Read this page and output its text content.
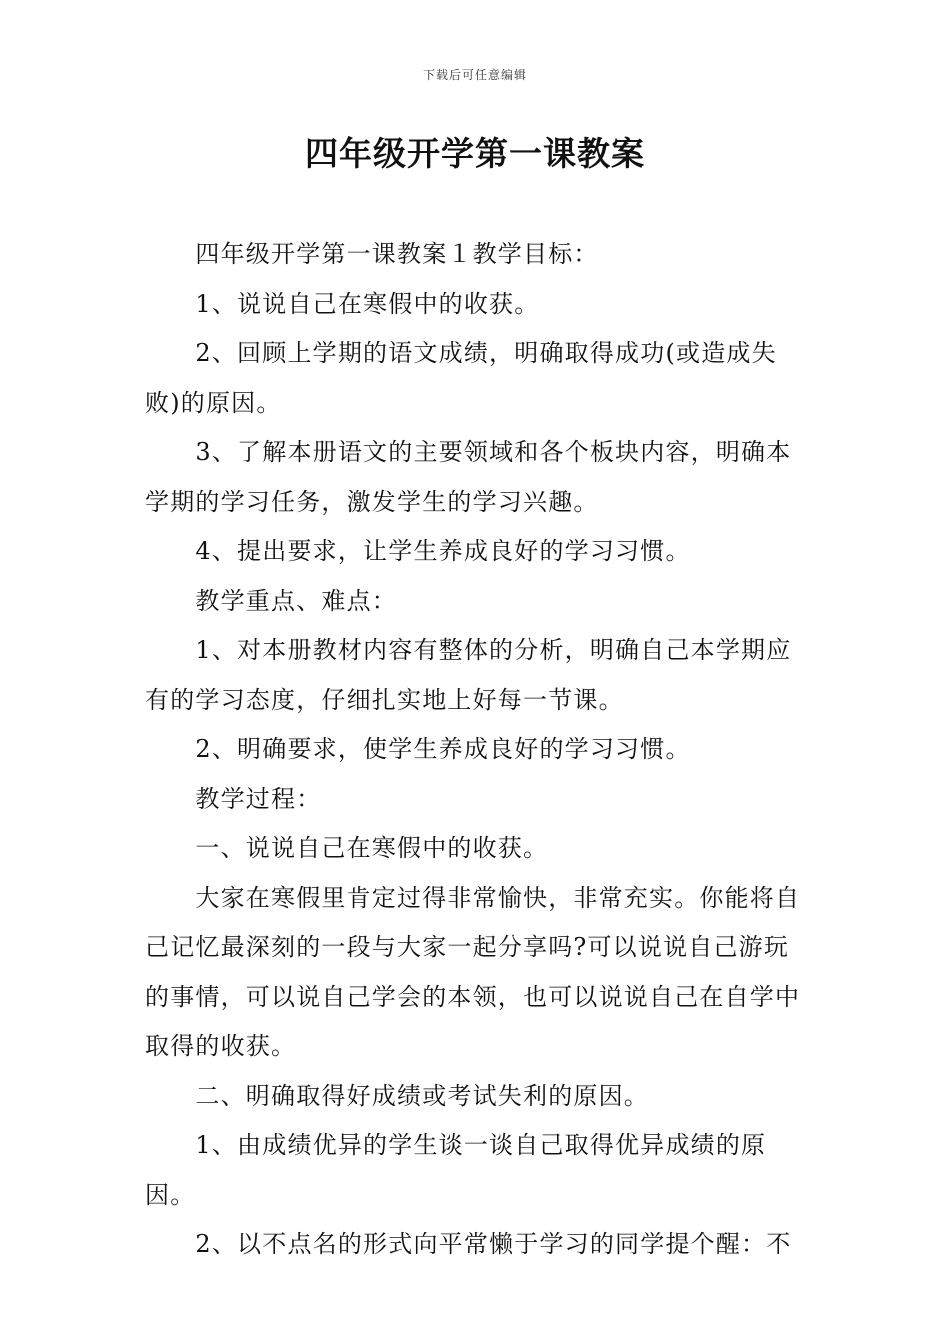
下载后可任意编辑
四年级开学第一课教案

四年级开学第一课教案１教学目标：

1、说说自己在寒假中的收获。

2、回顾上学期的语文成绩，明确取得成功(或造成失败)的原因。

3、了解本册语文的主要领域和各个板块内容，明确本学期的学习任务，激发学生的学习兴趣。

4、提出要求，让学生养成良好的学习习惯。

教学重点、难点：

1、对本册教材内容有整体的分析，明确自己本学期应有的学习态度，仔细扎实地上好每一节课。

2、明确要求，使学生养成良好的学习习惯。

教学过程：

一、说说自己在寒假中的收获。

大家在寒假里肯定过得非常愉快，非常充实。你能将自己记忆最深刻的一段与大家一起分享吗?可以说说自己游玩的事情，可以说自己学会的本领，也可以说说自己在自学中取得的收获。

二、明确取得好成绩或考试失利的原因。

1、由成绩优异的学生谈一谈自己取得优异成绩的原因。

2、以不点名的形式向平常懒于学习的同学提个醒：不
